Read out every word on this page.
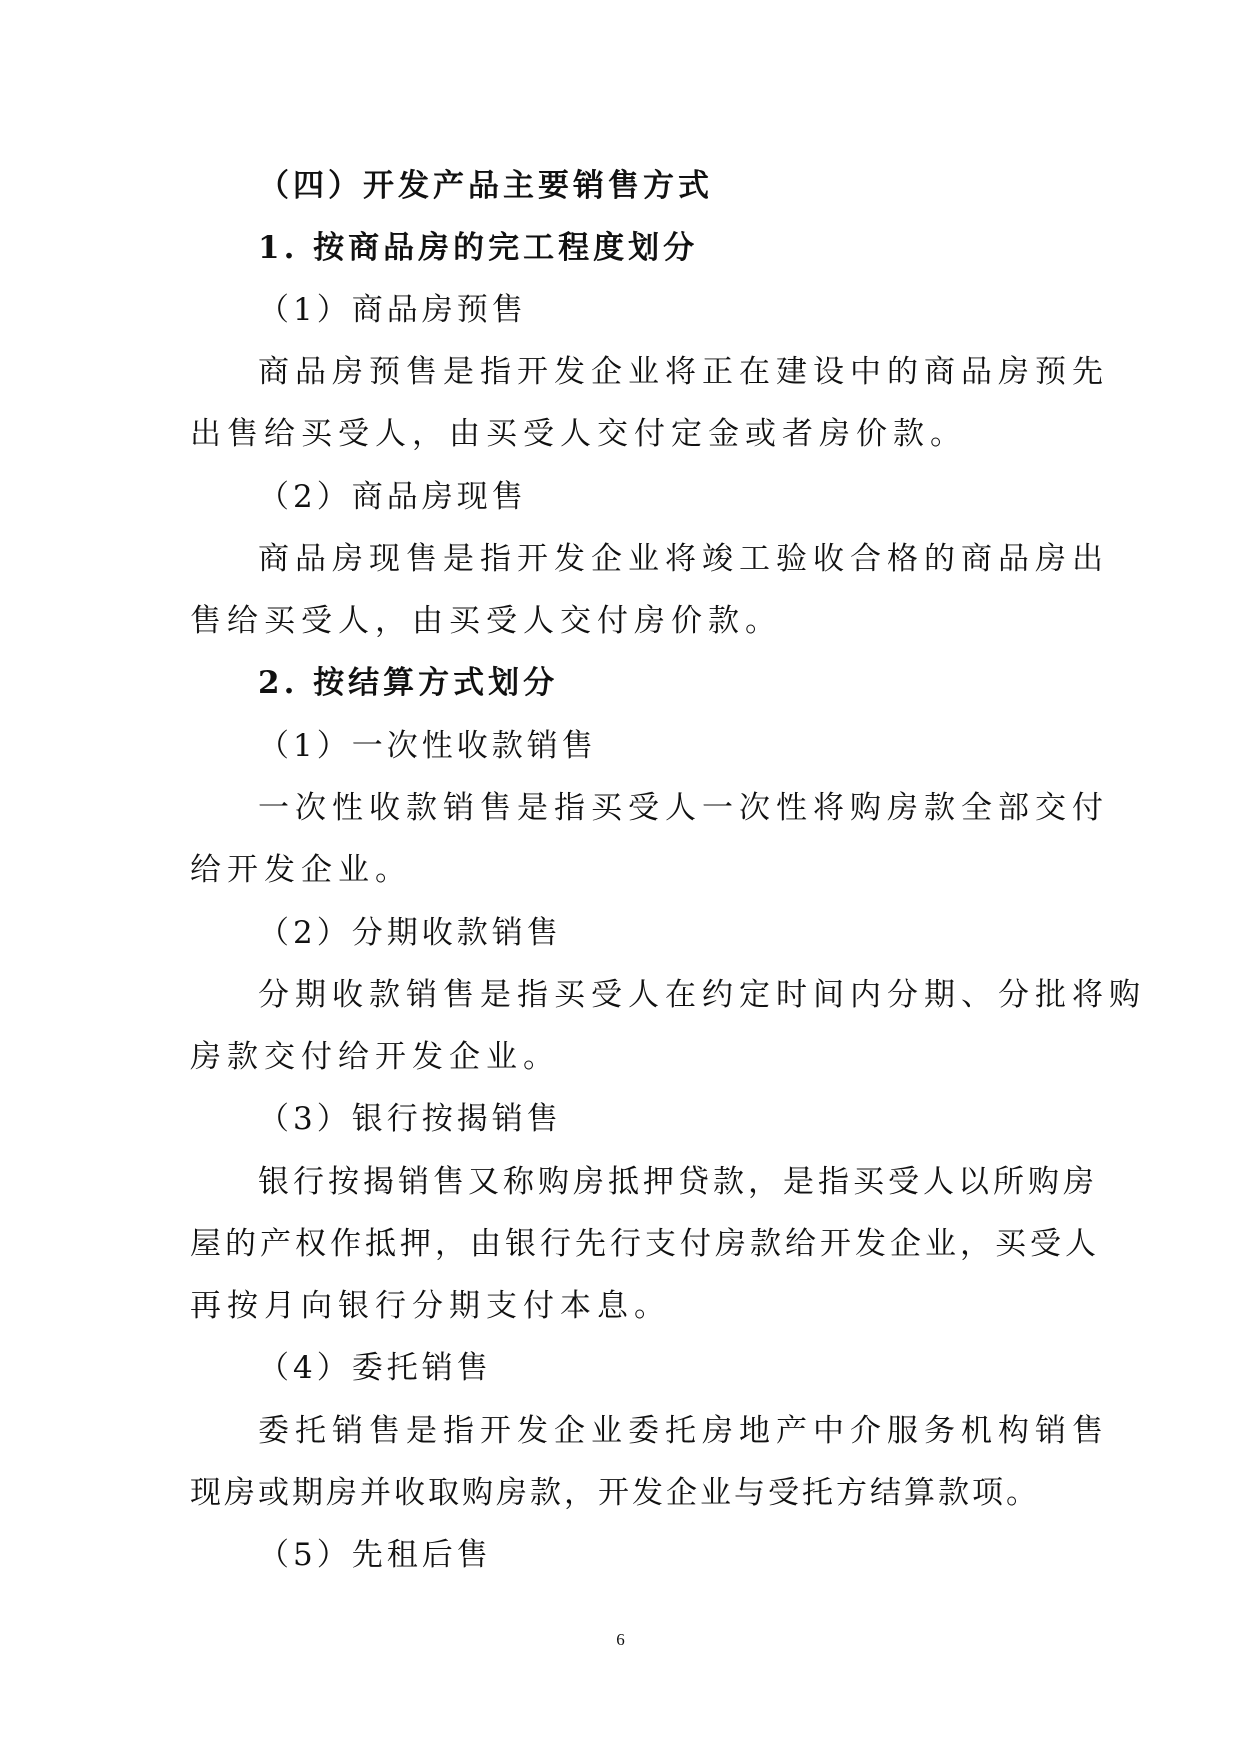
（四）开发产品主要销售方式
1. 按商品房的完工程度划分
（1）商品房预售
商品房预售是指开发企业将正在建设中的商品房预先
出售给买受人，由买受人交付定金或者房价款。
（2）商品房现售
商品房现售是指开发企业将竣工验收合格的商品房出
售给买受人，由买受人交付房价款。
2. 按结算方式划分
（1）一次性收款销售
一次性收款销售是指买受人一次性将购房款全部交付
给开发企业。
（2）分期收款销售
分期收款销售是指买受人在约定时间内分期、分批将购
房款交付给开发企业。
（3）银行按揭销售
银行按揭销售又称购房抵押贷款，是指买受人以所购房
屋的产权作抵押，由银行先行支付房款给开发企业，买受人
再按月向银行分期支付本息。
（4）委托销售
委托销售是指开发企业委托房地产中介服务机构销售
现房或期房并收取购房款，开发企业与受托方结算款项。
（5）先租后售
6
